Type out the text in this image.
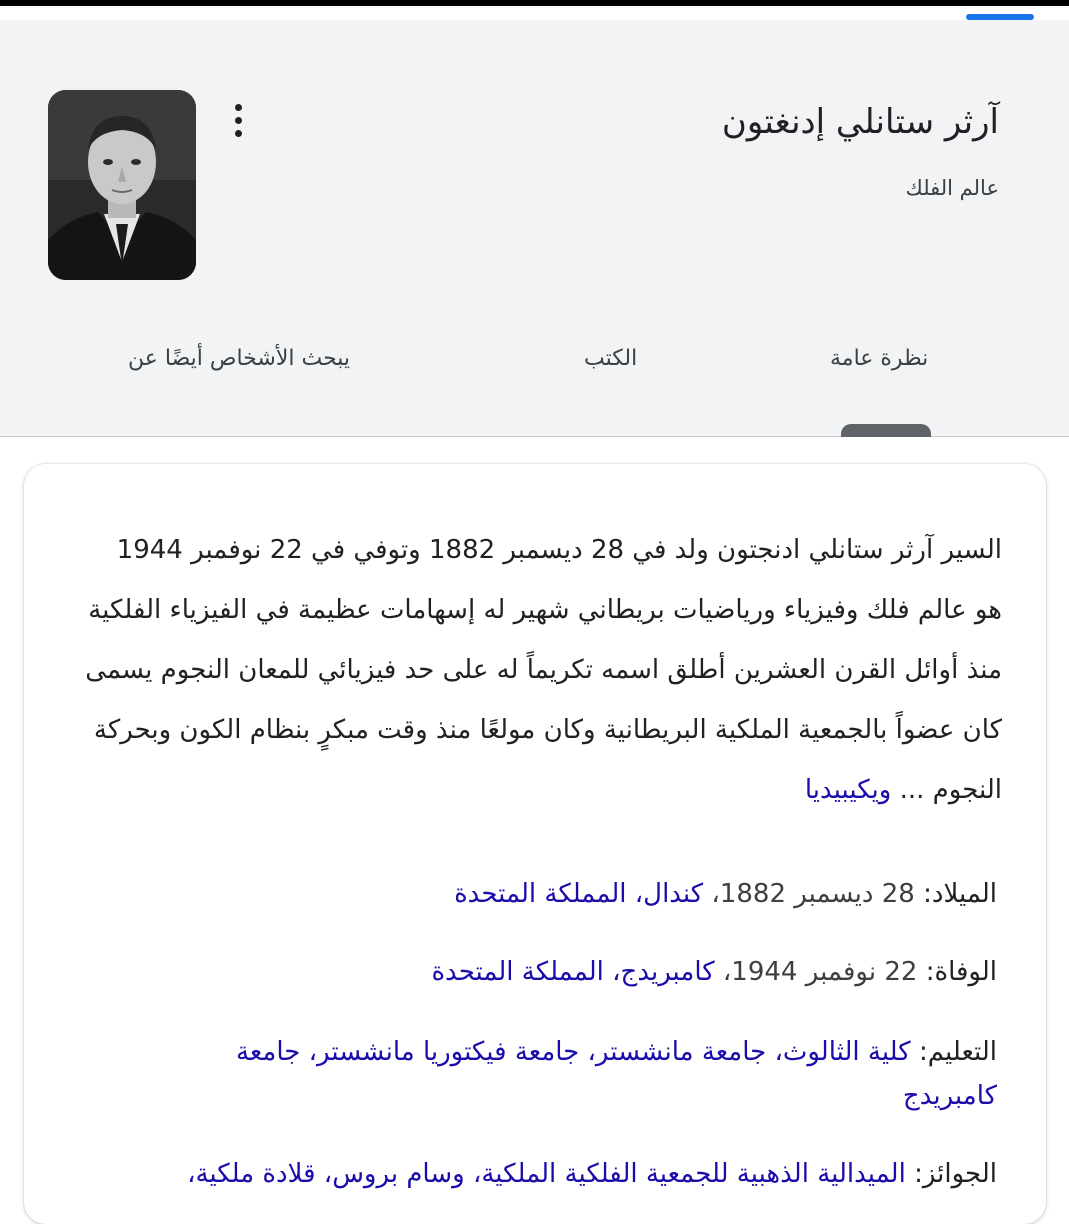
آرثر ستانلي إدنغتون
عالم الفلك
نظرة عامة
الكتب
يبحث الأشخاص أيضًا عن
السير آرثر ستانلي ادنجتون ولد في 28 ديسمبر 1882 وتوفي في 22 نوفمبر 1944 هو عالم فلك وفيزياء ورياضيات بريطاني شهير له إسهامات عظيمة في الفيزياء الفلكية منذ أوائل القرن العشرين أطلق اسمه تكريماً له على حد فيزيائي للمعان النجوم يسمى كان عضواً بالجمعية الملكية البريطانية وكان مولعًا منذ وقت مبكرٍ بنظام الكون وبحركة النجوم ... ويكيبيديا
الميلاد: 28 ديسمبر 1882، كندال، المملكة المتحدة
الوفاة: 22 نوفمبر 1944، كامبريدج، المملكة المتحدة
التعليم: كلية الثالوث، جامعة مانشستر، جامعة فيكتوريا مانشستر، جامعة كامبريدج
الجوائز: الميدالية الذهبية للجمعية الفلكية الملكية، وسام بروس، قلادة ملكية،
